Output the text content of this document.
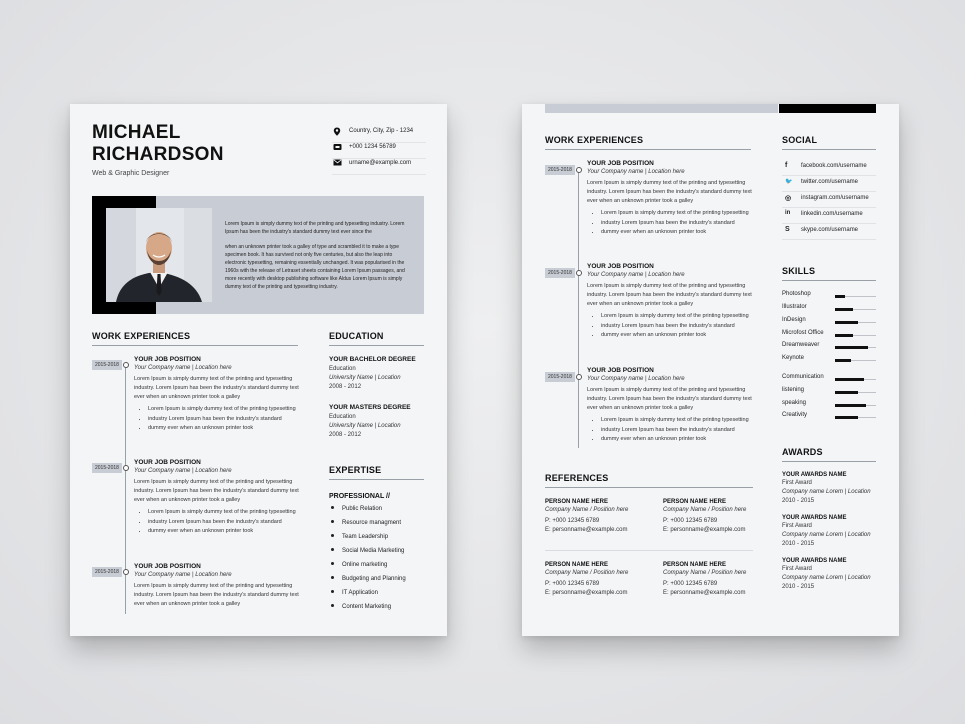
MICHAEL
RICHARDSON
Web & Graphic Designer
Country, City, Zip - 1234
+000 1234 56789
urname@example.com
Lorem Ipsum is simply dummy text of the printing and typesetting industry. Lorem Ipsum has been the industry's standard dummy text ever since the
when an unknown printer took a galley of type and scrambled it to make a type specimen book. It has survived not only five centuries, but also the leap into electronic typesetting, remaining essentially unchanged. It was popularised in the 1960s with the release of Letraset sheets containing Lorem Ipsum passages, and more recently with desktop publishing software like Aldus Lorem Ipsum is simply dummy text of the printing and typesetting industry.
WORK EXPERIENCES
2015-2018
YOUR JOB POSITION
Your Company name | Location here
Lorem Ipsum is simply dummy text of the printing and typesetting industry. Lorem Ipsum has been the industry's standard dummy text ever when an unknown printer took a galley
• Lorem Ipsum is simply dummy text of the printing typesetting
• industry Lorem Ipsum has been the industry's standard
• dummy ever when an unknown printer took
2015-2018
YOUR JOB POSITION
Your Company name | Location here
Lorem Ipsum is simply dummy text of the printing and typesetting industry. Lorem Ipsum has been the industry's standard dummy text ever when an unknown printer took a galley
• Lorem Ipsum is simply dummy text of the printing typesetting
• industry Lorem Ipsum has been the industry's standard
• dummy ever when an unknown printer took
2015-2018
YOUR JOB POSITION
Your Company name | Location here
Lorem Ipsum is simply dummy text of the printing and typesetting industry. Lorem Ipsum has been the industry's standard dummy text ever when an unknown printer took a galley
EDUCATION
YOUR BACHELOR DEGREE
Education
University Name | Location
2008 - 2012
YOUR MASTERS DEGREE
Education
University Name | Location
2008 - 2012
EXPERTISE
PROFESSIONAL //
Public Relation
Resource managment
Team Leadership
Social Media Marketing
Online marketing
Budgeting and Planning
IT Application
Content Marketing
WORK EXPERIENCES
2015-2018
YOUR JOB POSITION
Your Company name | Location here
Lorem Ipsum is simply dummy text of the printing and typesetting industry. Lorem Ipsum has been the industry's standard dummy text ever when an unknown printer took a galley
• Lorem Ipsum is simply dummy text of the printing typesetting
• industry Lorem Ipsum has been the industry's standard
• dummy ever when an unknown printer took
2015-2018
YOUR JOB POSITION
Your Company name | Location here
Lorem Ipsum is simply dummy text of the printing and typesetting industry. Lorem Ipsum has been the industry's standard dummy text ever when an unknown printer took a galley
• Lorem Ipsum is simply dummy text of the printing typesetting
• industry Lorem Ipsum has been the industry's standard
• dummy ever when an unknown printer took
2015-2018
YOUR JOB POSITION
Your Company name | Location here
Lorem Ipsum is simply dummy text of the printing and typesetting industry. Lorem Ipsum has been the industry's standard dummy text ever when an unknown printer took a galley
• Lorem Ipsum is simply dummy text of the printing typesetting
• industry Lorem Ipsum has been the industry's standard
• dummy ever when an unknown printer took
REFERENCES
PERSON NAME HERE
Company Name / Position here
P: +000 12345 6789
E: personname@example.com
PERSON NAME HERE
Company Name / Position here
P: +000 12345 6789
E: personname@example.com
PERSON NAME HERE
Company Name / Position here
P: +000 12345 6789
E: personname@example.com
PERSON NAME HERE
Company Name / Position here
P: +000 12345 6789
E: personname@example.com
SOCIAL
f facebook.com/username
🐦 twitter.com/username
◎ instagram.com/username
in linkedin.com/username
S skype.com/username
SKILLS
AWARDS
YOUR AWARDS NAME
First Award
Company name Lorem | Location
2010 - 2015
YOUR AWARDS NAME
First Award
Company name Lorem | Location
2010 - 2015
YOUR AWARDS NAME
First Award
Company name Lorem | Location
2010 - 2015
Photoshop
Illustrator
InDesign
Microfost Office
Dreamweaver
Keynote
Communication
listening
speaking
Creativity
